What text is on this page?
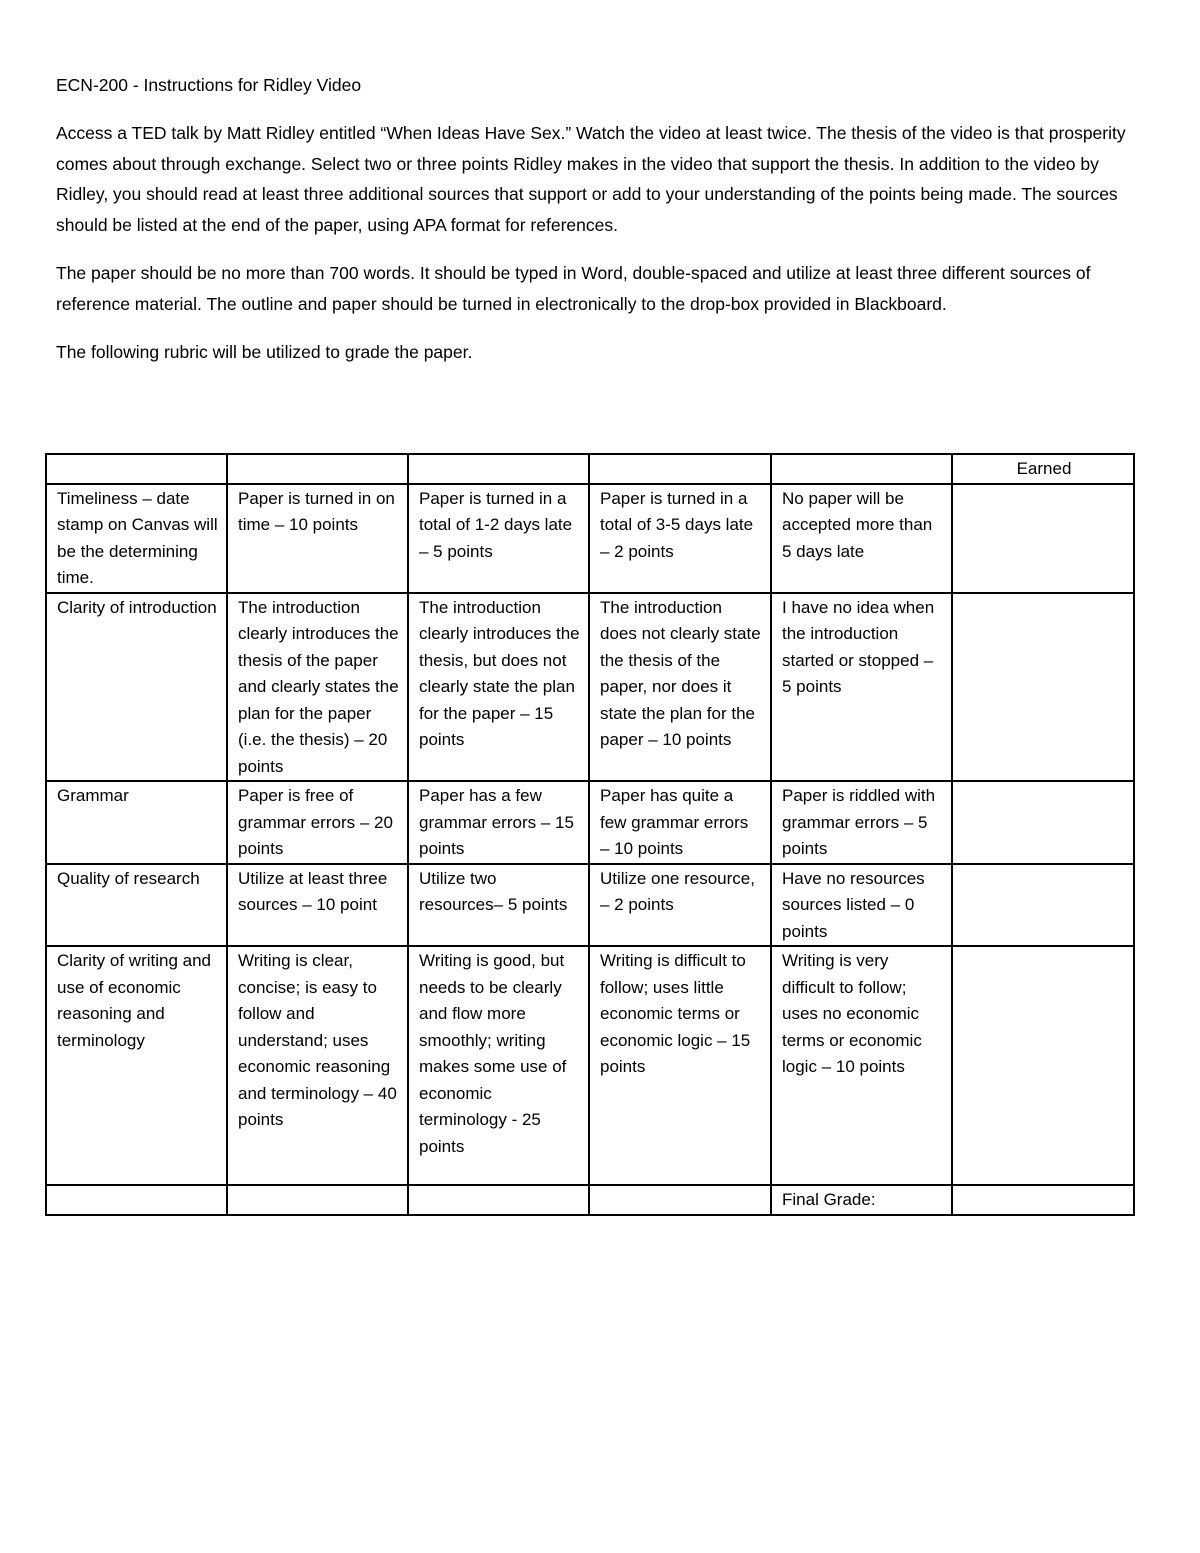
ECN-200 - Instructions for Ridley Video

Access a TED talk by Matt Ridley entitled “When Ideas Have Sex.” Watch the video at least twice. The thesis of the video is that prosperity comes about through exchange. Select two or three points Ridley makes in the video that support the thesis. In addition to the video by Ridley, you should read at least three additional sources that support or add to your understanding of the points being made. The sources should be listed at the end of the paper, using APA format for references.

The paper should be no more than 700 words. It should be typed in Word, double-spaced and utilize at least three different sources of reference material. The outline and paper should be turned in electronically to the drop-box provided in Blackboard.

The following rubric will be utilized to grade the paper.

					Earned
Timeliness – date stamp on Canvas will be the determining time.	Paper is turned in on time – 10 points	Paper is turned in a total of 1-2 days late – 5 points	Paper is turned in a total of 3-5 days late – 2 points	No paper will be accepted more than 5 days late	
Clarity of introduction	The introduction clearly introduces the thesis of the paper and clearly states the plan for the paper (i.e. the thesis) – 20 points	The introduction clearly introduces the thesis, but does not clearly state the plan for the paper – 15 points	The introduction does not clearly state the thesis of the paper, nor does it state the plan for the paper – 10 points	I have no idea when the introduction started or stopped – 5 points	
Grammar	Paper is free of grammar errors – 20 points	Paper has a few grammar errors – 15 points	Paper has quite a few grammar errors – 10 points	Paper is riddled with grammar errors – 5 points	
Quality of research	Utilize at least three sources – 10 point	Utilize two resources– 5 points	Utilize one resource, – 2 points	Have no resources sources listed – 0 points	
Clarity of writing and use of economic reasoning and terminology	Writing is clear, concise; is easy to follow and understand; uses economic reasoning and terminology – 40 points	Writing is good, but needs to be clearly and flow more smoothly; writing makes some use of economic terminology - 25 points	Writing is difficult to follow; uses little economic terms or economic logic – 15 points	Writing is very difficult to follow; uses no economic terms or economic logic – 10 points	
				Final Grade:	
